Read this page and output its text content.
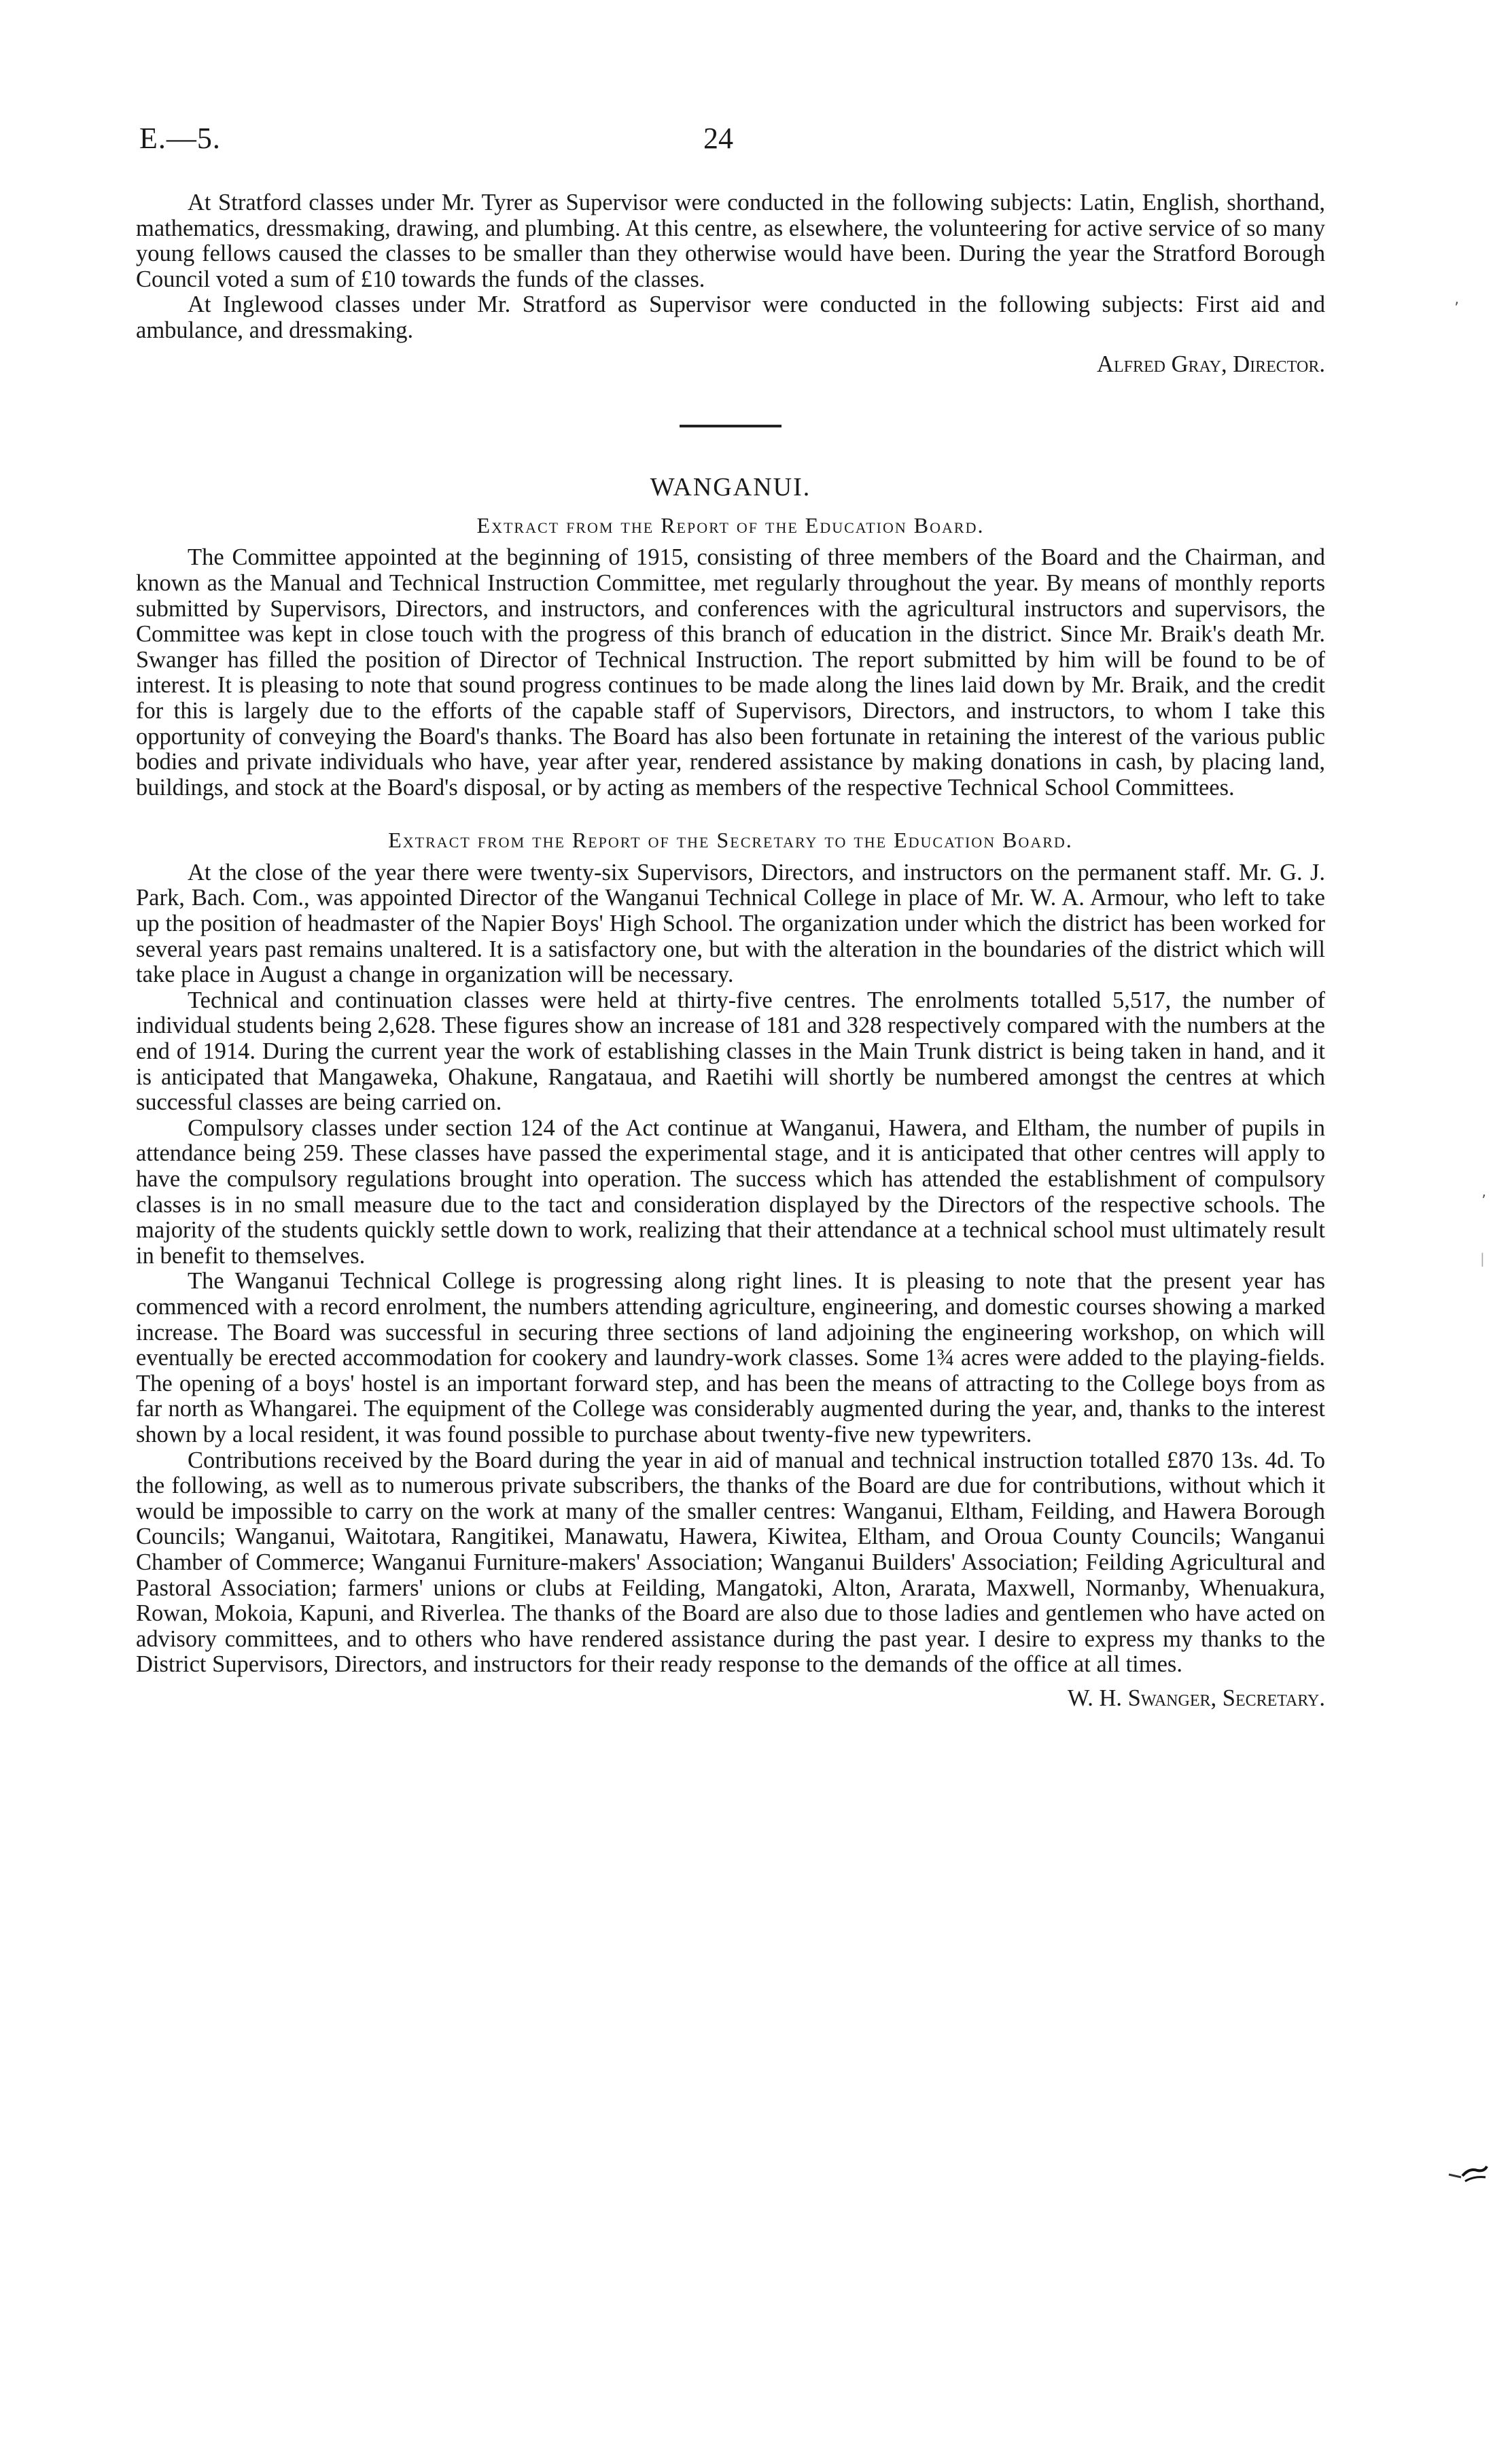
E.—5.	24

At Stratford classes under Mr. Tyrer as Supervisor were conducted in the following subjects: Latin, English, shorthand, mathematics, dressmaking, drawing, and plumbing. At this centre, as elsewhere, the volunteering for active service of so many young fellows caused the classes to be smaller than they otherwise would have been. During the year the Stratford Borough Council voted a sum of £10 towards the funds of the classes.

At Inglewood classes under Mr. Stratford as Supervisor were conducted in the following subjects: First aid and ambulance, and dressmaking.

Alfred Gray, Director.
WANGANUI.
Extract from the Report of the Education Board.

The Committee appointed at the beginning of 1915, consisting of three members of the Board and the Chairman, and known as the Manual and Technical Instruction Committee, met regularly throughout the year. By means of monthly reports submitted by Supervisors, Directors, and instructors, and conferences with the agricultural instructors and supervisors, the Committee was kept in close touch with the progress of this branch of education in the district. Since Mr. Braik's death Mr. Swanger has filled the position of Director of Technical Instruction. The report submitted by him will be found to be of interest. It is pleasing to note that sound progress continues to be made along the lines laid down by Mr. Braik, and the credit for this is largely due to the efforts of the capable staff of Supervisors, Directors, and instructors, to whom I take this opportunity of conveying the Board's thanks. The Board has also been fortunate in retaining the interest of the various public bodies and private individuals who have, year after year, rendered assistance by making donations in cash, by placing land, buildings, and stock at the Board's disposal, or by acting as members of the respective Technical School Committees.

Extract from the Report of the Secretary to the Education Board.

At the close of the year there were twenty-six Supervisors, Directors, and instructors on the permanent staff. Mr. G. J. Park, Bach. Com., was appointed Director of the Wanganui Technical College in place of Mr. W. A. Armour, who left to take up the position of headmaster of the Napier Boys' High School. The organization under which the district has been worked for several years past remains unaltered. It is a satisfactory one, but with the alteration in the boundaries of the district which will take place in August a change in organization will be necessary.

Technical and continuation classes were held at thirty-five centres. The enrolments totalled 5,517, the number of individual students being 2,628. These figures show an increase of 181 and 328 respectively compared with the numbers at the end of 1914. During the current year the work of establishing classes in the Main Trunk district is being taken in hand, and it is anticipated that Mangaweka, Ohakune, Rangataua, and Raetihi will shortly be numbered amongst the centres at which successful classes are being carried on.

Compulsory classes under section 124 of the Act continue at Wanganui, Hawera, and Eltham, the number of pupils in attendance being 259. These classes have passed the experimental stage, and it is anticipated that other centres will apply to have the compulsory regulations brought into operation. The success which has attended the establishment of compulsory classes is in no small measure due to the tact and consideration displayed by the Directors of the respective schools. The majority of the students quickly settle down to work, realizing that their attendance at a technical school must ultimately result in benefit to themselves.

The Wanganui Technical College is progressing along right lines. It is pleasing to note that the present year has commenced with a record enrolment, the numbers attending agriculture, engineering, and domestic courses showing a marked increase. The Board was successful in securing three sections of land adjoining the engineering workshop, on which will eventually be erected accommodation for cookery and laundry-work classes. Some 1¾ acres were added to the playing-fields. The opening of a boys' hostel is an important forward step, and has been the means of attracting to the College boys from as far north as Whangarei. The equipment of the College was considerably augmented during the year, and, thanks to the interest shown by a local resident, it was found possible to purchase about twenty-five new typewriters.

Contributions received by the Board during the year in aid of manual and technical instruction totalled £870 13s. 4d. To the following, as well as to numerous private subscribers, the thanks of the Board are due for contributions, without which it would be impossible to carry on the work at many of the smaller centres: Wanganui, Eltham, Feilding, and Hawera Borough Councils; Wanganui, Waitotara, Rangitikei, Manawatu, Hawera, Kiwitea, Eltham, and Oroua County Councils; Wanganui Chamber of Commerce; Wanganui Furniture-makers' Association; Wanganui Builders' Association; Feilding Agricultural and Pastoral Association; farmers' unions or clubs at Feilding, Mangatoki, Alton, Ararata, Maxwell, Normanby, Whenuakura, Rowan, Mokoia, Kapuni, and Riverlea. The thanks of the Board are also due to those ladies and gentlemen who have acted on advisory committees, and to others who have rendered assistance during the past year. I desire to express my thanks to the District Supervisors, Directors, and instructors for their ready response to the demands of the office at all times.

W. H. Swanger, Secretary.
‚
ʼ
|
